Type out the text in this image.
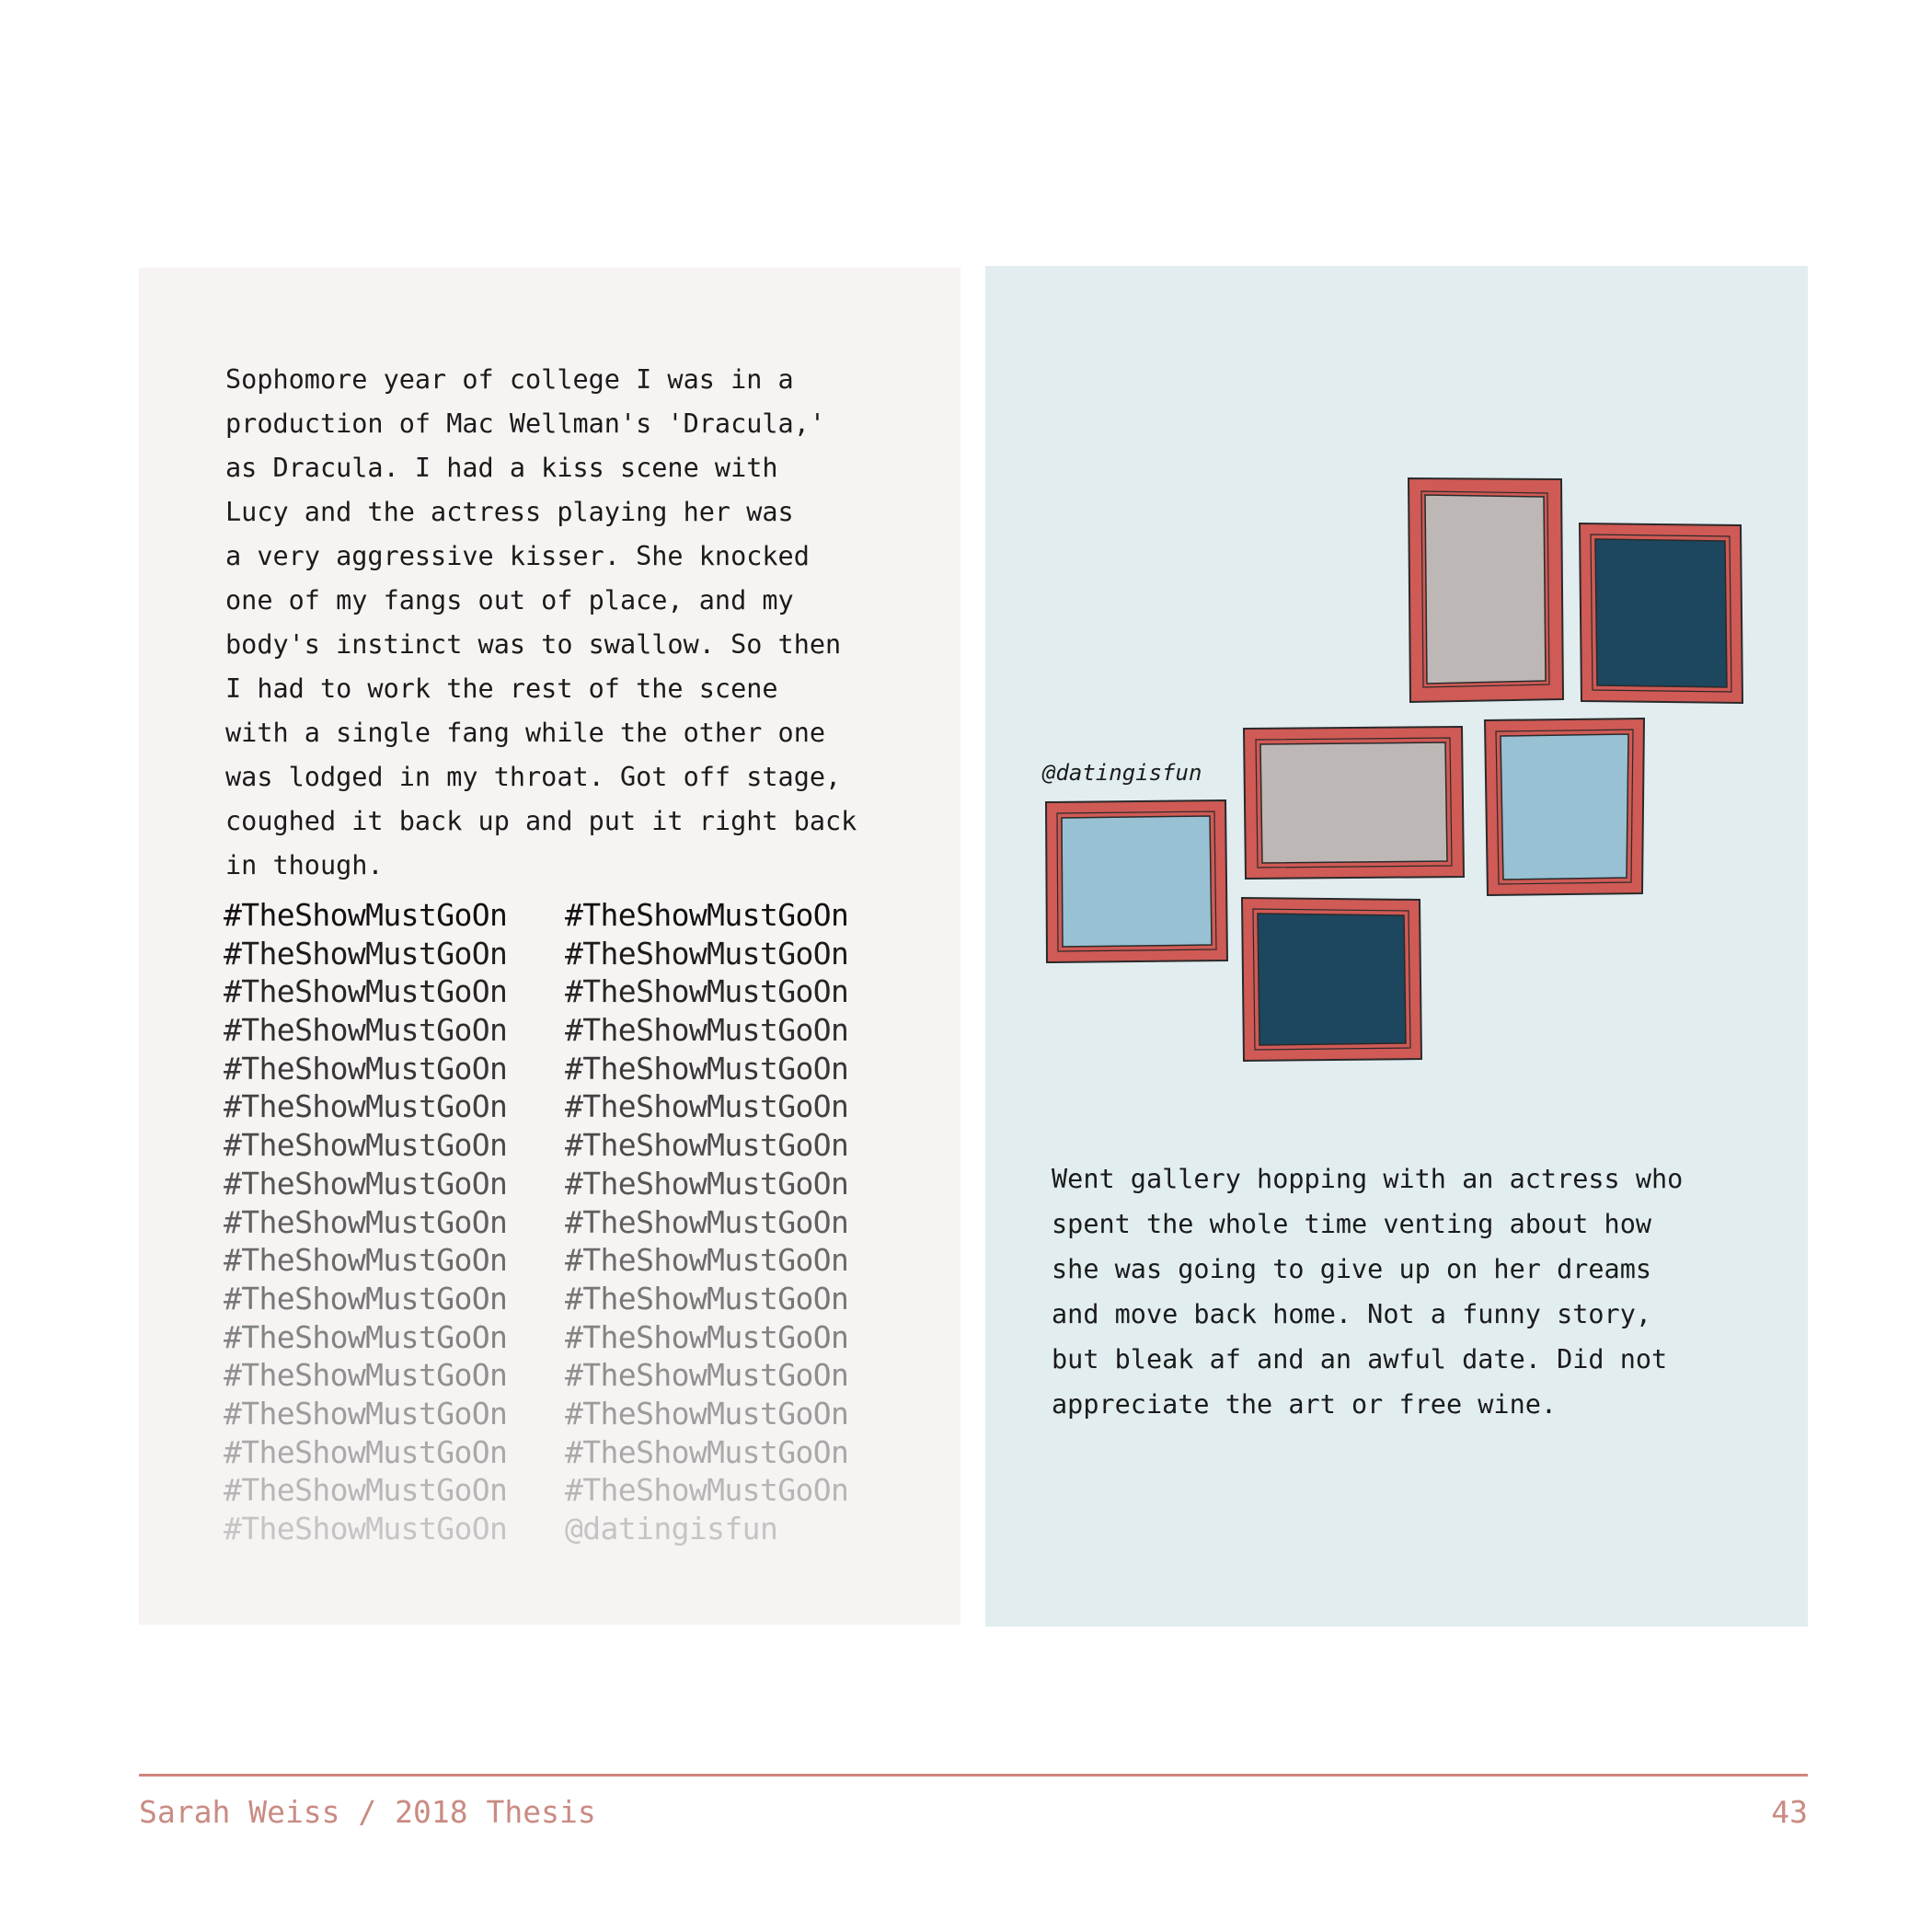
Sophomore year of college I was in a
production of Mac Wellman's 'Dracula,'
as Dracula. I had a kiss scene with
Lucy and the actress playing her was
a very aggressive kisser. She knocked
one of my fangs out of place, and my
body's instinct was to swallow. So then
I had to work the rest of the scene
with a single fang while the other one
was lodged in my throat. Got off stage,
coughed it back up and put it right back
in though.
#TheShowMustGoOn #TheShowMustGoOn
#TheShowMustGoOn #TheShowMustGoOn
#TheShowMustGoOn #TheShowMustGoOn
#TheShowMustGoOn #TheShowMustGoOn
#TheShowMustGoOn #TheShowMustGoOn
#TheShowMustGoOn #TheShowMustGoOn
#TheShowMustGoOn #TheShowMustGoOn
#TheShowMustGoOn #TheShowMustGoOn
#TheShowMustGoOn #TheShowMustGoOn
#TheShowMustGoOn #TheShowMustGoOn
#TheShowMustGoOn #TheShowMustGoOn
#TheShowMustGoOn #TheShowMustGoOn
#TheShowMustGoOn #TheShowMustGoOn
#TheShowMustGoOn #TheShowMustGoOn
#TheShowMustGoOn #TheShowMustGoOn
#TheShowMustGoOn #TheShowMustGoOn
#TheShowMustGoOn @datingisfun
@datingisfun
Went gallery hopping with an actress who
spent the whole time venting about how
she was going to give up on her dreams
and move back home. Not a funny story,
but bleak af and an awful date. Did not
appreciate the art or free wine.
Sarah Weiss / 2018 Thesis	43
